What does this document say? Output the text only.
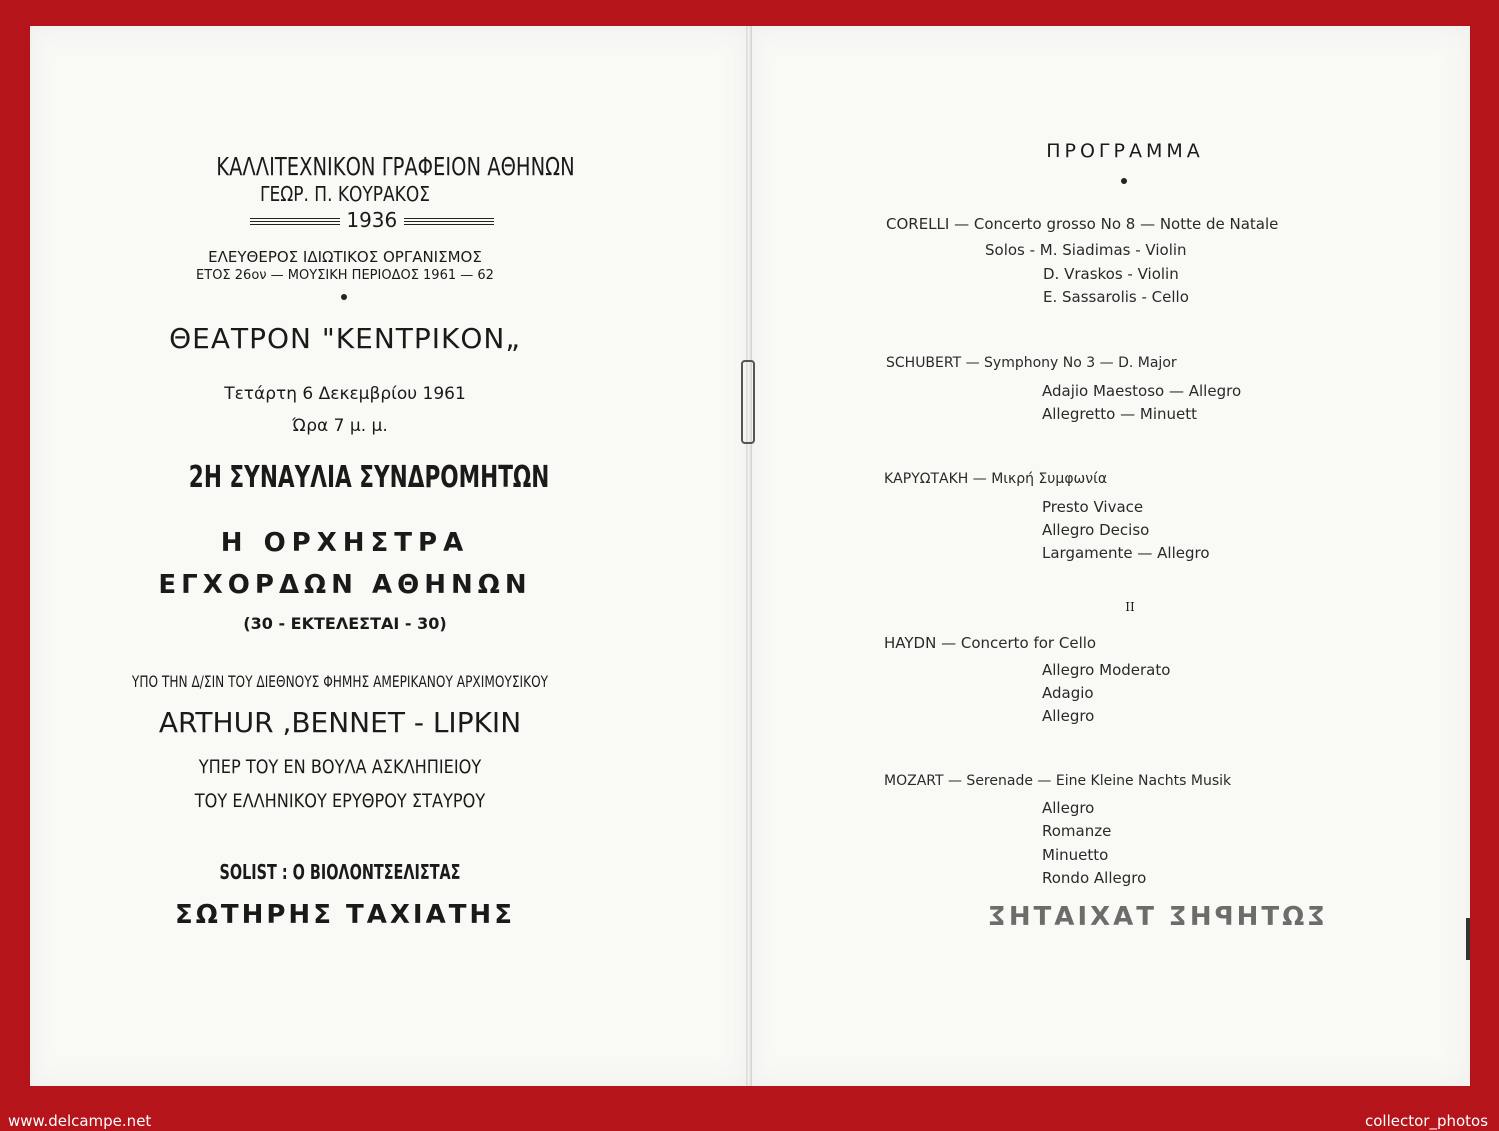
ΚΑΛΛΙΤΕΧΝΙΚΟΝ ΓΡΑΦΕΙΟΝ ΑΘΗΝΩΝ
ΓΕΩΡ. Π. ΚΟΥΡΑΚΟΣ
1936
ΕΛΕΥΘΕΡΟΣ ΙΔΙΩΤΙΚΟΣ ΟΡΓΑΝΙΣΜΟΣ
ΕΤΟΣ 26ον — ΜΟΥΣΙΚΗ ΠΕΡΙΟΔΟΣ 1961 — 62
ΘΕΑΤΡΟΝ "ΚΕΝΤΡΙΚΟΝ„
Τετάρτη 6 Δεκεμβρίου 1961
Ώρα 7 μ. μ.
2Η ΣΥΝΑΥΛΙΑ ΣΥΝΔΡΟΜΗΤΩΝ
Η ΟΡΧΗΣΤΡΑ
ΕΓΧΟΡΔΩΝ ΑΘΗΝΩΝ
(30 - ΕΚΤΕΛΕΣΤΑΙ - 30)
ΥΠΟ ΤΗΝ Δ/ΣΙΝ ΤΟΥ ΔΙΕΘΝΟΥΣ ΦΗΜΗΣ ΑΜΕΡΙΚΑΝΟΥ ΑΡΧΙΜΟΥΣΙΚΟΥ
ARTHUR ,BENNET - LIPKIN
ΥΠΕΡ ΤΟΥ ΕΝ ΒΟΥΛΑ ΑΣΚΛΗΠΙΕΙΟΥ
ΤΟΥ ΕΛΛΗΝΙΚΟΥ ΕΡΥΘΡΟΥ ΣΤΑΥΡΟΥ
SOLIST : Ο ΒΙΟΛΟΝΤΣΕΛΙΣΤΑΣ
ΣΩΤΗΡΗΣ ΤΑΧΙΑΤΗΣ
ΠΡΟΓΡΑΜΜΑ
CORELLI — Concerto grosso No 8 — Notte de Natale
Solos - M. Siadimas - Violin
D. Vraskos - Violin
E. Sassarolis - Cello
SCHUBERT — Symphony No 3 — D. Major
Adajio Maestoso — Allegro
Allegretto — Minuett
ΚΑΡΥΩΤΑΚΗ — Μικρή Συμφωνία
Presto Vivace
Allegro Deciso
Largamente — Allegro
II
HAYDN — Concerto for Cello
Allegro Moderato
Adagio
Allegro
MOZART — Serenade — Eine Kleine Nachts Musik
Allegro
Romanze
Minuetto
Rondo Allegro
ΣΩΤΗΡΗΣ ΤΑΧΙΑΤΗΣ
www.delcampe.net	collector_photos
